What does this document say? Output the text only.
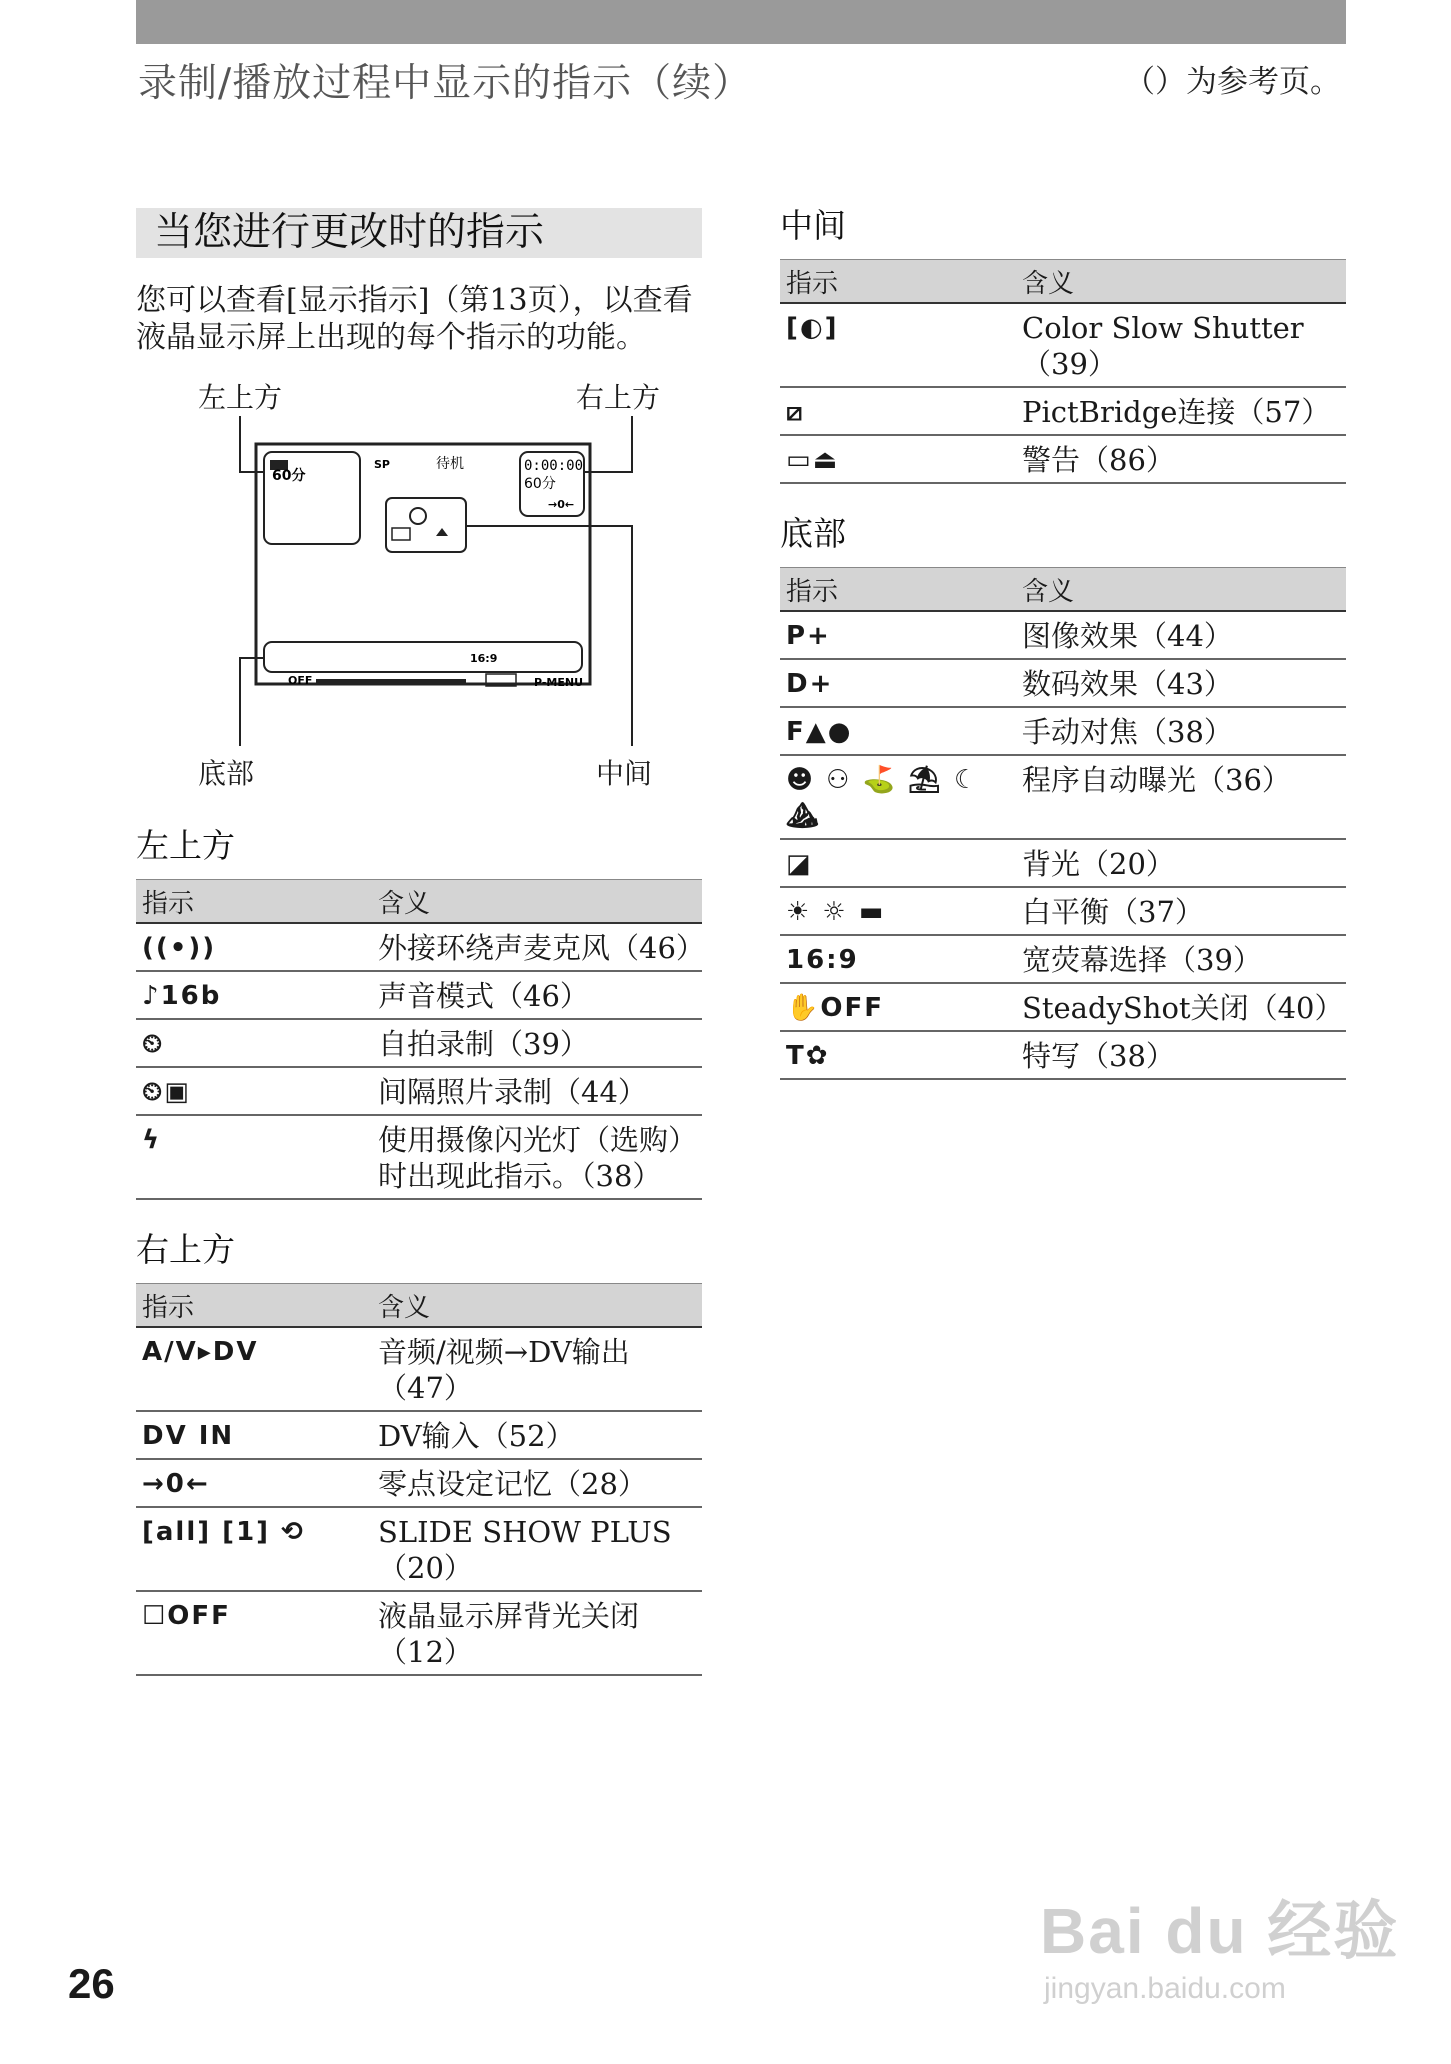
录制/播放过程中显示的指示（续）	（）为参考页。
当您进行更改时的指示
您可以查看[显示指示]（第13页），以查看液晶显示屏上出现的每个指示的功能。
60分
SP	待机	0:00:00
60分
→0←
OFF
16:9
P-MENU
左上方	右上方
底部	中间
左上方
指示	含义
((•))	外接环绕声麦克风（46）
♪16b	声音模式（46）
⏲	自拍录制（39）
⏲▣	间隔照片录制（44）
ϟ	使用摄像闪光灯（选购）时出现此指示。（38）
右上方
指示	含义
A/V▸DV	音频/视频→DV输出（47）
DV IN	DV输入（52）
→0←	零点设定记忆（28）
[all] [1] ⟲	SLIDE SHOW PLUS（20）
☐OFF	液晶显示屏背光关闭（12）
中间
指示	含义
[◐]	Color Slow Shutter（39）
⧄	PictBridge连接（57）
▭⏏	警告（86）
底部
指示	含义
P+	图像效果（44）
D+	数码效果（43）
F▲●	手动对焦（38）
☻ ⚇ ⛳ ⛱ ☾ ⛰	程序自动曝光（36）
◪	背光（20）
☀ ☼ ▬	白平衡（37）
16:9	宽荧幕选择（39）
✋OFF	SteadyShot关闭（40）
T✿	特写（38）
26
Bai du 经验
jingyan.baidu.com
